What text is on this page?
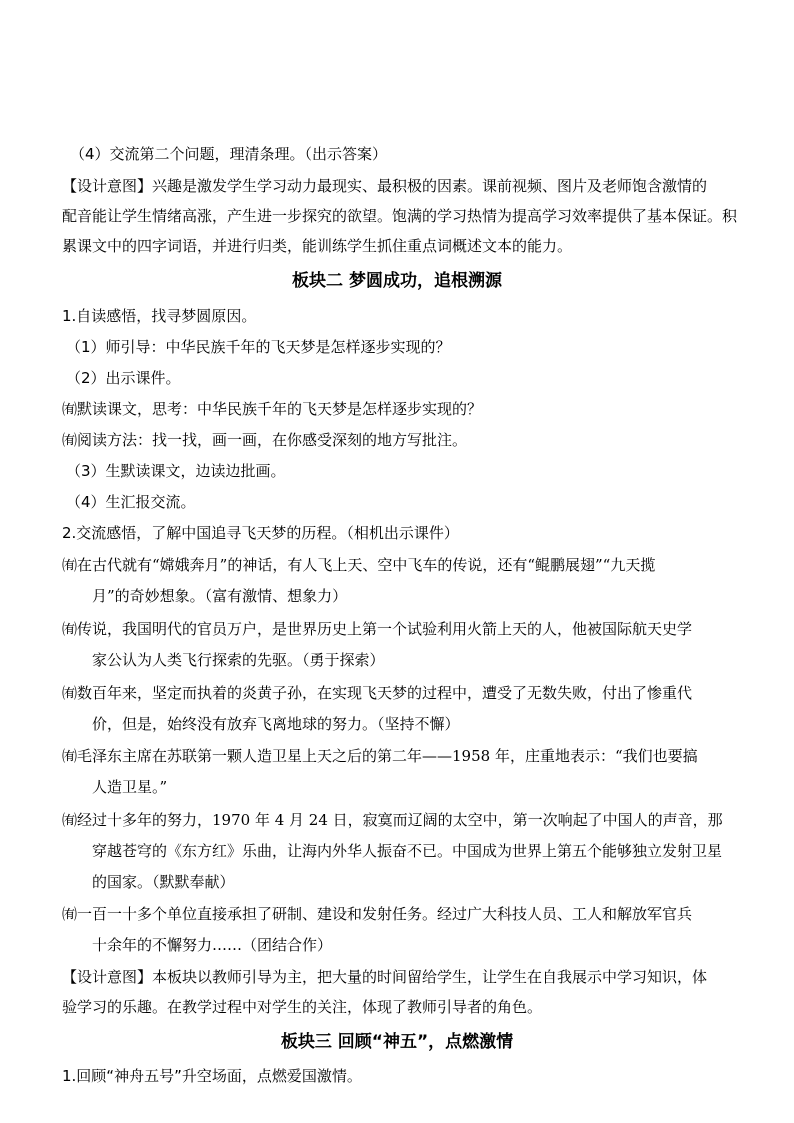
（4）交流第二个问题，理清条理。（出示答案）
【设计意图】兴趣是激发学生学习动力最现实、最积极的因素。课前视频、图片及老师饱含激情的
配音能让学生情绪高涨，产生进一步探究的欲望。饱满的学习热情为提高学习效率提供了基本保证。积
累课文中的四字词语，并进行归类，能训练学生抓住重点词概述文本的能力。
板块二 梦圆成功，追根溯源
1.自读感悟，找寻梦圆原因。
（1）师引导：中华民族千年的飞天梦是怎样逐步实现的？
（2）出示课件。
㈲默读课文，思考：中华民族千年的飞天梦是怎样逐步实现的？
㈲阅读方法：找一找，画一画，在你感受深刻的地方写批注。
（3）生默读课文，边读边批画。
（4）生汇报交流。
2.交流感悟，了解中国追寻飞天梦的历程。（相机出示课件）
㈲在古代就有“嫦娥奔月”的神话，有人飞上天、空中飞车的传说，还有“鲲鹏展翅”“九天揽
月”的奇妙想象。（富有激情、想象力）
㈲传说，我国明代的官员万户，是世界历史上第一个试验利用火箭上天的人，他被国际航天史学
家公认为人类飞行探索的先驱。（勇于探索）
㈲数百年来，坚定而执着的炎黄子孙，在实现飞天梦的过程中，遭受了无数失败，付出了惨重代
价，但是，始终没有放弃飞离地球的努力。（坚持不懈）
㈲毛泽东主席在苏联第一颗人造卫星上天之后的第二年——1958 年，庄重地表示：“我们也要搞
人造卫星。”
㈲经过十多年的努力，1970 年 4 月 24 日，寂寞而辽阔的太空中，第一次响起了中国人的声音，那
穿越苍穹的《东方红》乐曲，让海内外华人振奋不已。中国成为世界上第五个能够独立发射卫星
的国家。（默默奉献）
㈲一百一十多个单位直接承担了研制、建设和发射任务。经过广大科技人员、工人和解放军官兵
十余年的不懈努力……（团结合作）
【设计意图】本板块以教师引导为主，把大量的时间留给学生，让学生在自我展示中学习知识，体
验学习的乐趣。在教学过程中对学生的关注，体现了教师引导者的角色。
板块三 回顾“神五”，点燃激情
1.回顾“神舟五号”升空场面，点燃爱国激情。
